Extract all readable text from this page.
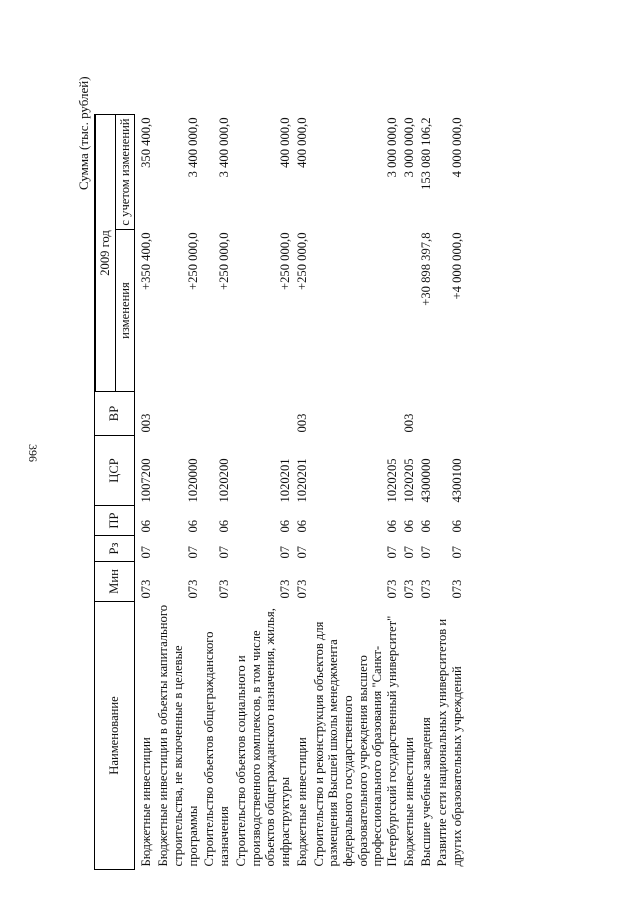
396
Сумма (тыс. рублей)
Наименование	Мин	Рз	ПР	ЦСР	ВР		
						2009 год	
						изменения	с учетом изменений
Бюджетные инвестиции	073	07	06	1007200	003	+350 400,0	350 400,0
Бюджетные инвестиции в объекты капитального строительства, не включенные в целевые программы	073	07	06	1020000		+250 000,0	3 400 000,0
Строительство объектов общегражданского назначения	073	07	06	1020200		+250 000,0	3 400 000,0
Строительство объектов социального и производственного комплексов, в том числе объектов общегражданского назначения, жилья, инфраструктуры	073	07	06	1020201		+250 000,0	400 000,0
Бюджетные инвестиции	073	07	06	1020201	003	+250 000,0	400 000,0
Строительство и реконструкция объектов для размещения Высшей школы менеджмента федерального государственного образовательного учреждения высшего профессионального образования "Санкт-Петербургский государственный университет"	073	07	06	1020205			3 000 000,0
Бюджетные инвестиции	073	07	06	1020205	003		3 000 000,0
Высшие учебные заведения	073	07	06	4300000		+30 898 397,8	153 080 106,2
Развитие сети национальных университетов и других образовательных учреждений	073	07	06	4300100		+4 000 000,0	4 000 000,0
